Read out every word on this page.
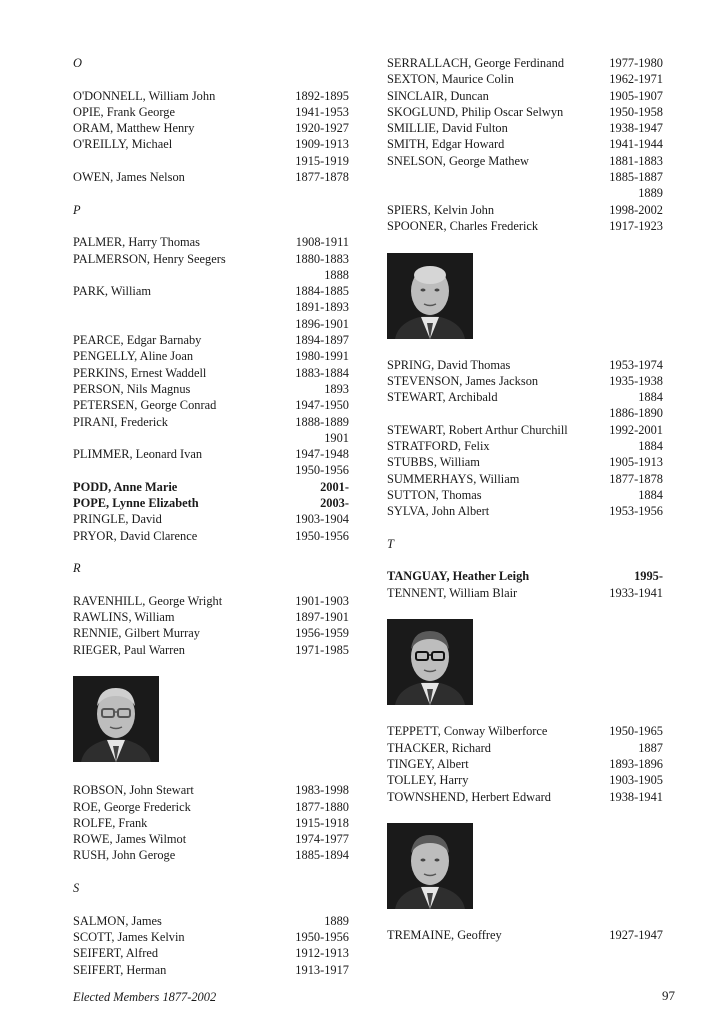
O
O'DONNELL, William John	1892-1895
OPIE, Frank George	1941-1953
ORAM, Matthew Henry	1920-1927
O'REILLY, Michael	1909-1913
1915-1919
OWEN, James Nelson	1877-1878
P
PALMER, Harry Thomas	1908-1911
PALMERSON, Henry Seegers	1880-1883
1888
PARK, William	1884-1885
1891-1893
1896-1901
PEARCE, Edgar Barnaby	1894-1897
PENGELLY, Aline Joan	1980-1991
PERKINS, Ernest Waddell	1883-1884
PERSON, Nils Magnus	1893
PETERSEN, George Conrad	1947-1950
PIRANI, Frederick	1888-1889
1901
PLIMMER, Leonard Ivan	1947-1948
1950-1956
PODD, Anne Marie	2001-
POPE, Lynne Elizabeth	2003-
PRINGLE, David	1903-1904
PRYOR, David Clarence	1950-1956
R
RAVENHILL, George Wright	1901-1903
RAWLINS, William	1897-1901
RENNIE, Gilbert Murray	1956-1959
RIEGER, Paul Warren	1971-1985
ROBSON, John Stewart	1983-1998
ROE, George Frederick	1877-1880
ROLFE, Frank	1915-1918
ROWE, James Wilmot	1974-1977
RUSH, John Geroge	1885-1894
S
SALMON, James	1889
SCOTT, James Kelvin	1950-1956
SEIFERT, Alfred	1912-1913
SEIFERT, Herman	1913-1917
SERRALLACH, George Ferdinand	1977-1980
SEXTON, Maurice Colin	1962-1971
SINCLAIR, Duncan	1905-1907
SKOGLUND, Philip Oscar Selwyn	1950-1958
SMILLIE, David Fulton	1938-1947
SMITH, Edgar Howard	1941-1944
SNELSON, George Mathew	1881-1883
1885-1887
1889
SPIERS, Kelvin John	1998-2002
SPOONER, Charles Frederick	1917-1923
SPRING, David Thomas	1953-1974
STEVENSON, James Jackson	1935-1938
STEWART, Archibald	1884
1886-1890
STEWART, Robert Arthur Churchill	1992-2001
STRATFORD, Felix	1884
STUBBS, William	1905-1913
SUMMERHAYS, William	1877-1878
SUTTON, Thomas	1884
SYLVA, John Albert	1953-1956
T
TANGUAY, Heather Leigh	1995-
TENNENT, William Blair	1933-1941
TEPPETT, Conway Wilberforce	1950-1965
THACKER, Richard	1887
TINGEY, Albert	1893-1896
TOLLEY, Harry	1903-1905
TOWNSHEND, Herbert Edward	1938-1941
TREMAINE, Geoffrey	1927-1947
Elected Members 1877-2002	97
